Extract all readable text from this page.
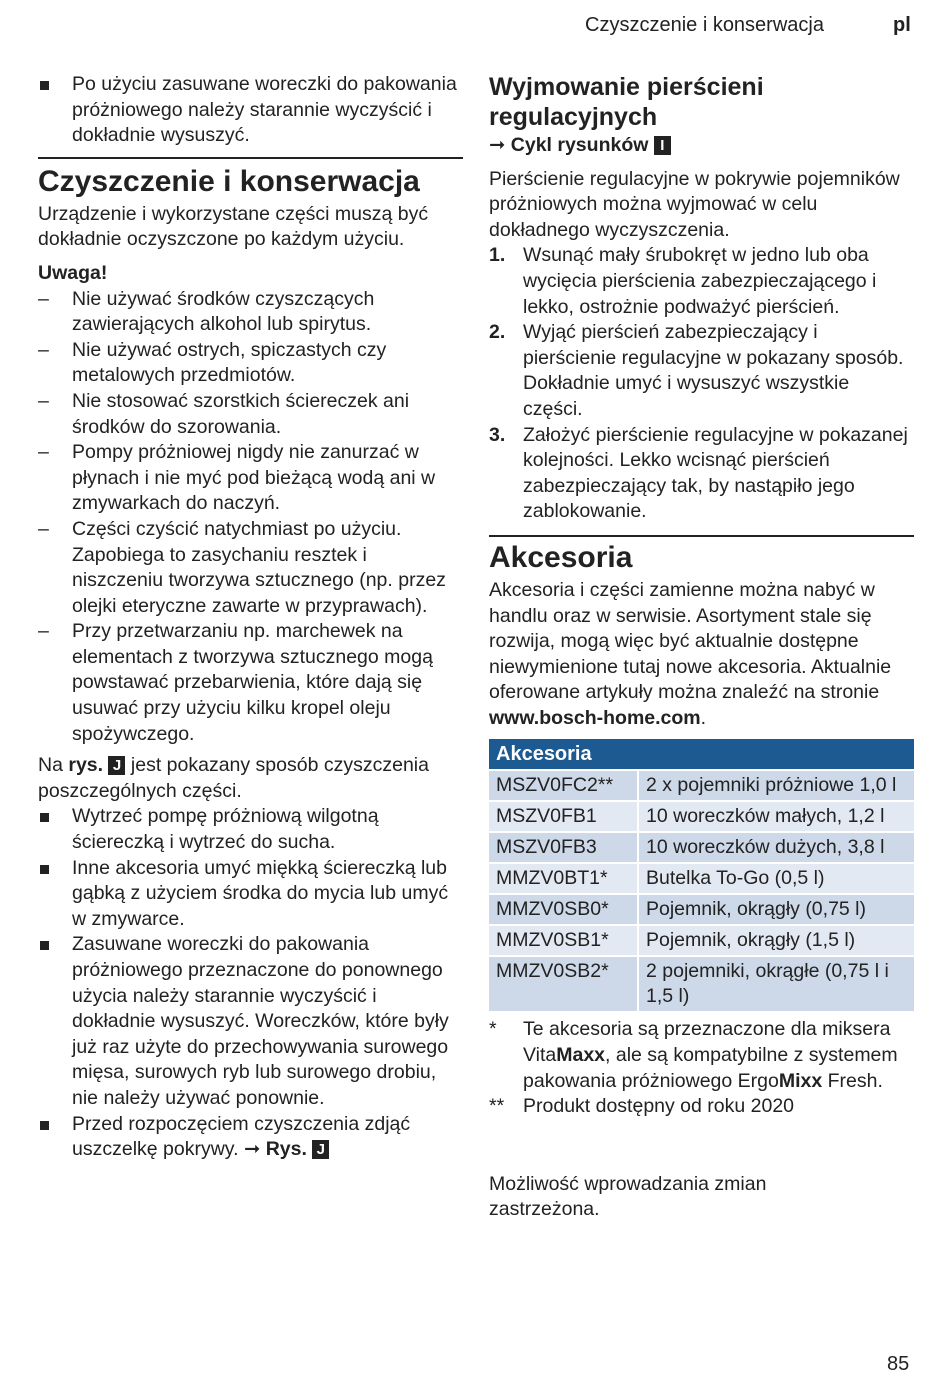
Czyszczenie i konserwacja	pl
Po użyciu zasuwane woreczki do pakowania próżniowego należy starannie wyczyścić i dokładnie wysuszyć.
Czyszczenie i konserwacja
Urządzenie i wykorzystane części muszą być dokładnie oczyszczone po każdym użyciu.
Uwaga!
–	Nie używać środków czyszczących zawierających alkohol lub spirytus.
–	Nie używać ostrych, spiczastych czy metalowych przedmiotów.
–	Nie stosować szorstkich ściereczek ani środków do szorowania.
–	Pompy próżniowej nigdy nie zanurzać w płynach i nie myć pod bieżącą wodą ani w zmywarkach do naczyń.
–	Części czyścić natychmiast po użyciu. Zapobiega to zasychaniu resztek i niszczeniu tworzywa sztucznego (np. przez olejki eteryczne zawarte w przyprawach).
–	Przy przetwarzaniu np. marchewek na elementach z tworzywa sztucznego mogą powstawać przebarwienia, które dają się usuwać przy użyciu kilku kropel oleju spożywczego.
Na rys. J jest pokazany sposób czyszczenia poszczególnych części.
Wytrzeć pompę próżniową wilgotną ściereczką i wytrzeć do sucha.
Inne akcesoria umyć miękką ściereczką lub gąbką z użyciem środka do mycia lub umyć w zmywarce.
Zasuwane woreczki do pakowania próżniowego przeznaczone do ponownego użycia należy starannie wyczyścić i dokładnie wysuszyć. Woreczków, które były już raz użyte do przechowywania surowego mięsa, surowych ryb lub surowego drobiu, nie należy używać ponownie.
Przed rozpoczęciem czyszczenia zdjąć uszczelkę pokrywy. ➞ Rys. J
Wyjmowanie pierścieni
regulacyjnych
➞ Cykl rysunków I
Pierścienie regulacyjne w pokrywie pojemników próżniowych można wyjmować w celu dokładnego wyczyszczenia.
1. Wsunąć mały śrubokręt w jedno lub oba wycięcia pierścienia zabezpieczającego i lekko, ostrożnie podważyć pierścień.
2. Wyjąć pierścień zabezpieczający i pierścienie regulacyjne w pokazany sposób. Dokładnie umyć i wysuszyć wszystkie części.
3. Założyć pierścienie regulacyjne w pokazanej kolejności. Lekko wcisnąć pierścień zabezpieczający tak, by nastąpiło jego zablokowanie.
Akcesoria
Akcesoria i części zamienne można nabyć w handlu oraz w serwisie. Asortyment stale się rozwija, mogą więc być aktualnie dostępne niewymienione tutaj nowe akcesoria. Aktualnie oferowane artykuły można znaleźć na stronie www.bosch-home.com.
Akcesoria	
MSZV0FC2**	2 x pojemniki próżniowe 1,0 l
MSZV0FB1	10 woreczków małych, 1,2 l
MSZV0FB3	10 woreczków dużych, 3,8 l
MMZV0BT1*	Butelka To-Go (0,5 l)
MMZV0SB0*	Pojemnik, okrągły (0,75 l)
MMZV0SB1*	Pojemnik, okrągły (1,5 l)
MMZV0SB2*	2 pojemniki, okrągłe (0,75 l i 1,5 l)
*	Te akcesoria są przeznaczone dla miksera VitaMaxx, ale są kompatybilne z systemem pakowania próżniowego ErgoMixx Fresh.
** Produkt dostępny od roku 2020
Możliwość wprowadzania zmian zastrzeżona.
85
